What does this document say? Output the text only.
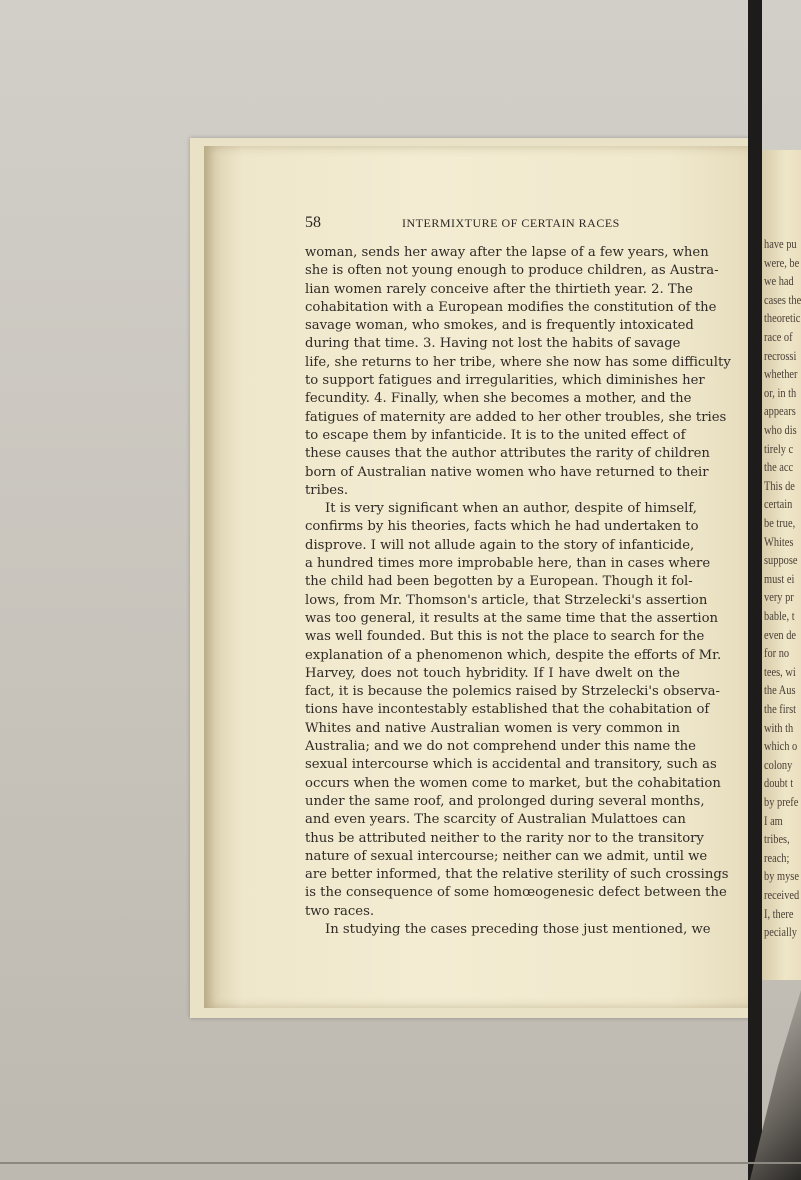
have pu
were, be
we had
cases the
theoretic
race of
recrossi
whether
or, in th
appears
who dis
tirely c
the acc
This de
certain
be true,
Whites
suppose
must ei
very pr
bable, t
even de
for no
tees, wi
the Aus
the first
with th
which o
colony
doubt t
by prefe
I am
tribes,
reach;
by myse
received
I, there
pecially
58	INTERMIXTURE OF CERTAIN RACES
woman, sends her away after the lapse of a few years, when
she is often not young enough to produce children, as Austra-
lian women rarely conceive after the thirtieth year. 2. The
cohabitation with a European modifies the constitution of the
savage woman, who smokes, and is frequently intoxicated
during that time. 3. Having not lost the habits of savage
life, she returns to her tribe, where she now has some difficulty
to support fatigues and irregularities, which diminishes her
fecundity. 4. Finally, when she becomes a mother, and the
fatigues of maternity are added to her other troubles, she tries
to escape them by infanticide. It is to the united effect of
these causes that the author attributes the rarity of children
born of Australian native women who have returned to their
tribes.
It is very significant when an author, despite of himself,
confirms by his theories, facts which he had undertaken to
disprove. I will not allude again to the story of infanticide,
a hundred times more improbable here, than in cases where
the child had been begotten by a European. Though it fol-
lows, from Mr. Thomson's article, that Strzelecki's assertion
was too general, it results at the same time that the assertion
was well founded. But this is not the place to search for the
explanation of a phenomenon which, despite the efforts of Mr.
Harvey, does not touch hybridity. If I have dwelt on the
fact, it is because the polemics raised by Strzelecki's observa-
tions have incontestably established that the cohabitation of
Whites and native Australian women is very common in
Australia; and we do not comprehend under this name the
sexual intercourse which is accidental and transitory, such as
occurs when the women come to market, but the cohabitation
under the same roof, and prolonged during several months,
and even years. The scarcity of Australian Mulattoes can
thus be attributed neither to the rarity nor to the transitory
nature of sexual intercourse; neither can we admit, until we
are better informed, that the relative sterility of such crossings
is the consequence of some homœogenesic defect between the
two races.
In studying the cases preceding those just mentioned, we
